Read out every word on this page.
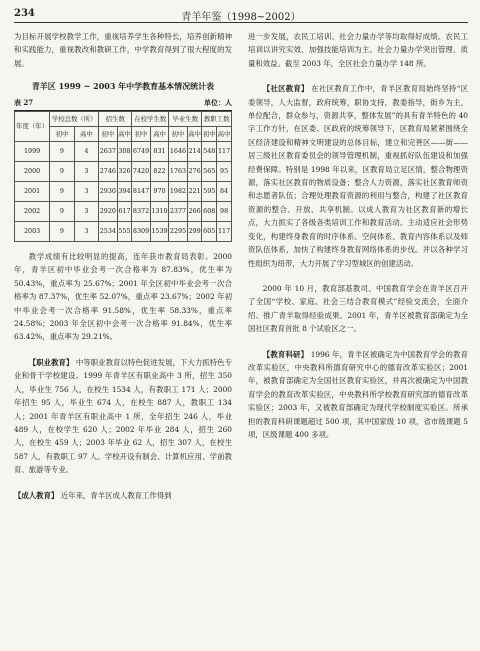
234	青羊年鉴（1998~2002）

为目标开展学校教学工作，重视培养学生各种特长，培养创新精神和实践能力，重视教改和教研工作，中学教育得到了很大程度的发展。

青羊区 1999 ~ 2003 年中学教育基本情况统计表
表 27	单位：人
年度（年）	学校总数（所）		招生数		在校学生数		毕业生数		教职工数	
	初中	高中	初中	高中	初中	高中	初中	高中	初中	高中
1999	9	4	2637	308	6749	831	1646	214	548	117
2000	9	3	2746	326	7420	822	1763	276	565	95
2001	9	3	2930	394	8147	970	1982	221	595	84
2002	9	3	2920	617	8372	1310	2377	266	608	98
2003	9	3	2534	555	8309	1539	2295	299	605	117

教学成绩有比较明显的提高，连年获市教育局表彰。2000 年，青羊区初中毕业会考一次合格率为 87.83%，优生率为 50.43%，重点率为 25.67%；2001 年全区初中毕业会考一次合格率为 87.37%，优生率 52.07%，重点率 23.67%；2002 年初中毕业会考一次合格率 91.58%，优生率 58.33%，重点率 24.58%；2003 年全区初中会考一次合格率 91.84%，优生率 63.42%，重点率为 29.21%。

【职业教育】 中等职业教育以特色促进发展，下大力抓特色专业和骨干学校建设。1999 年青羊区有职业高中 3 所，招生 350 人，毕业生 756 人，在校生 1534 人，有教职工 171 人；2000 年招生 95 人，毕业生 674 人，在校生 887 人，教职工 134 人；2001 年青羊区有职业高中 1 所，全年招生 246 人，毕业 489 人，在校学生 620 人；2002 年毕业 284 人，招生 260 人，在校生 459 人；2003 年毕业 62 人，招生 307 人，在校生 587 人，有教职工 97 人。学校开设有制会、计算机应用、学前教育、旅游等专业。

【成人教育】 近年来，青羊区成人教育工作得到

进一步发展，农民工培训、社会力量办学等均取得好成绩。农民工培训以讲究实效、加强技能培训为主。社会力量办学突出管理、质量和效益。截至 2003 年，全区社会力量办学 148 所。

【社区教育】 在社区教育工作中，青羊区教育局始终坚持“区委领导，人大监督，政府统筹，职协支持，教委指导，街乡为主，单位配合，群众参与，资源共享，整体发展”的具有青羊特色的 40 字工作方针，在区委、区政府的统筹领导下，区教育局紧紧围绕全区经济建设和精神文明建设的总体目标，建立和完善区——街——居三级社区教育委员会的领导管理机制，重视抓好队伍建设和加强经费保障。特别是 1998 年以来，区教育局立足区情，整合物理资源，落实社区教育的物质设备；整合人力资源，落实社区教育师资和志愿者队伍；合理处理教育资源的利用与整合，构建了社区教育资源的整合、开放、共享机制。以成人教育为社区教育新的增长点，大力抓实了各级各类培训工作和教育活动。主动适应社会形势变化，构建终身教育的时序体系、空间体系、教育内容体系以及师资队伍体系，加快了构建终身教育网络体系的步伐。并以各种学习性组织为纽带，大力开展了学习型城区的创建活动。

2000 年 10 月，教育部基教司、中国教育学会在青羊区召开了全国“学校、家庭、社会三结合教育模式”经验交流会，全面介绍、推广青羊取得经验成果。2001 年，青羊区被教育部确定为全国社区教育首批 8 个试验区之一。

【教育科研】 1996 年，青羊区被确定为中国教育学会的教育改革实验区，中央教科所德育研究中心的德育改革实验区；2001 年，被教育部确定为全国社区教育实验区，并再次被确定为中国教育学会的教育改革实验区，中央教科所学校教育研究部的德育改革实验区；2003 年，又被教育部确定为现代学校制度实验区。所承担的教育科研课题超过 500 项，其中国家级 10 项，省市级课题 5 项，区级课题 400 多项。
